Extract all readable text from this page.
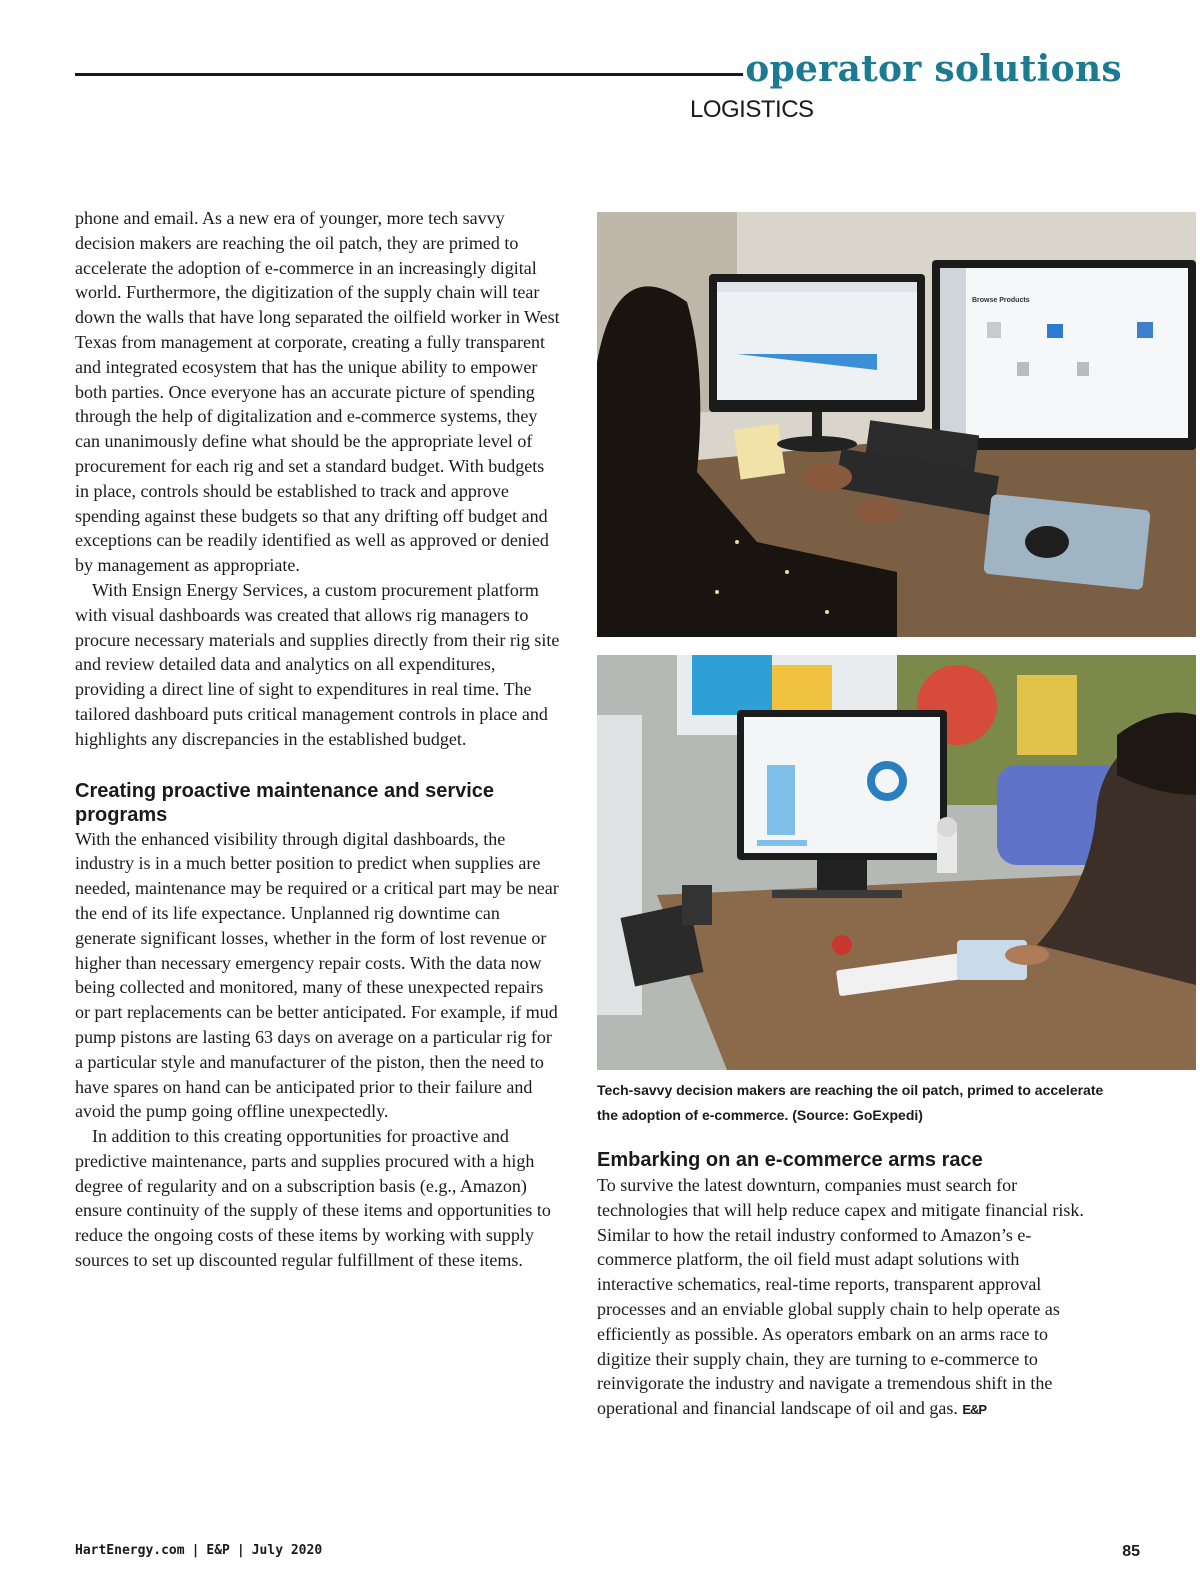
operator solutions
LOGISTICS

phone and email. As a new era of younger, more tech savvy decision makers are reaching the oil patch, they are primed to accelerate the adoption of e-commerce in an increasingly digital world. Furthermore, the digitization of the supply chain will tear down the walls that have long separated the oilfield worker in West Texas from management at corporate, creating a fully transparent and integrated ecosystem that has the unique ability to empower both parties. Once everyone has an accurate picture of spending through the help of digitalization and e-commerce systems, they can unanimously define what should be the appropriate level of procurement for each rig and set a standard budget. With budgets in place, controls should be established to track and approve spending against these budgets so that any drifting off budget and exceptions can be readily identified as well as approved or denied by management as appropriate.

With Ensign Energy Services, a custom procurement platform with visual dashboards was created that allows rig managers to procure necessary materials and supplies directly from their rig site and review detailed data and analytics on all expenditures, providing a direct line of sight to expenditures in real time. The tailored dashboard puts critical management controls in place and highlights any discrepancies in the established budget.

Creating proactive maintenance and service programs

With the enhanced visibility through digital dashboards, the industry is in a much better position to predict when supplies are needed, maintenance may be required or a critical part may be near the end of its life expectance. Unplanned rig downtime can generate significant losses, whether in the form of lost revenue or higher than necessary emergency repair costs. With the data now being collected and monitored, many of these unexpected repairs or part replacements can be better anticipated. For example, if mud pump pistons are lasting 63 days on average on a particular rig for a particular style and manufacturer of the piston, then the need to have spares on hand can be anticipated prior to their failure and avoid the pump going offline unexpectedly.

In addition to this creating opportunities for proactive and predictive maintenance, parts and supplies procured with a high degree of regularity and on a subscription basis (e.g., Amazon) ensure continuity of the supply of these items and opportunities to reduce the ongoing costs of these items by working with supply sources to set up discounted regular fulfillment of these items.

Browse Products
Tech-savvy decision makers are reaching the oil patch, primed to accelerate the adoption of e-commerce. (Source: GoExpedi)
Embarking on an e-commerce arms race

To survive the latest downturn, companies must search for technologies that will help reduce capex and mitigate financial risk. Similar to how the retail industry conformed to Amazon’s e-commerce platform, the oil field must adapt solutions with interactive schematics, real-time reports, transparent approval processes and an enviable global supply chain to help operate as efficiently as possible. As operators embark on an arms race to digitize their supply chain, they are turning to e-commerce to reinvigorate the industry and navigate a tremendous shift in the operational and financial landscape of oil and gas. E&P

HartEnergy.com | E&P | July 2020	85
